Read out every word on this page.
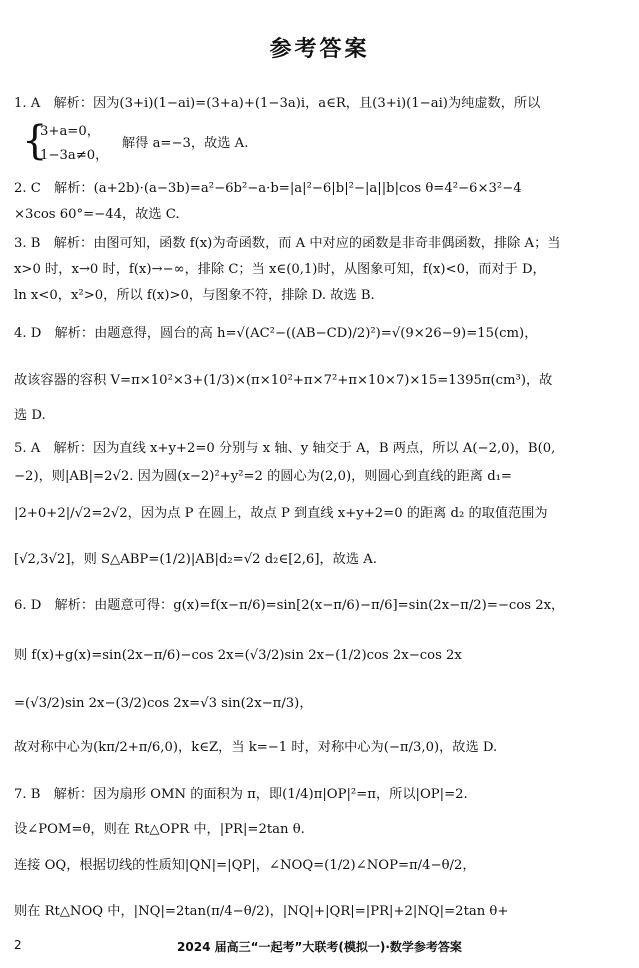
参考答案
1. A　解析：因为(3+i)(1−ai)=(3+a)+(1−3a)i，a∈R，且(3+i)(1−ai)为纯虚数，所以
{
3+a=0，
1−3a≠0，
解得 a=−3，故选 A.
2. C　解析：(a+2b)·(a−3b)=a²−6b²−a·b=|a|²−6|b|²−|a||b|cos θ=4²−6×3²−4
×3cos 60°=−44，故选 C.
3. B　解析：由图可知，函数 f(x)为奇函数，而 A 中对应的函数是非奇非偶函数，排除 A；当
x>0 时，x→0 时，f(x)→−∞，排除 C；当 x∈(0,1)时，从图象可知，f(x)<0，而对于 D，
ln x<0，x²>0，所以 f(x)>0，与图象不符，排除 D. 故选 B.
4. D　解析：由题意得，圆台的高 h=√(AC²−((AB−CD)/2)²)=√(9×26−9)=15(cm)，
故该容器的容积 V=π×10²×3+(1/3)×(π×10²+π×7²+π×10×7)×15=1395π(cm³)，故
选 D.
5. A　解析：因为直线 x+y+2=0 分别与 x 轴、y 轴交于 A，B 两点，所以 A(−2,0)，B(0,
−2)，则|AB|=2√2. 因为圆(x−2)²+y²=2 的圆心为(2,0)，则圆心到直线的距离 d₁=
|2+0+2|/√2=2√2，因为点 P 在圆上，故点 P 到直线 x+y+2=0 的距离 d₂ 的取值范围为
[√2,3√2]，则 S△ABP=(1/2)|AB|d₂=√2 d₂∈[2,6]，故选 A.
6. D　解析：由题意可得：g(x)=f(x−π/6)=sin[2(x−π/6)−π/6]=sin(2x−π/2)=−cos 2x，
则 f(x)+g(x)=sin(2x−π/6)−cos 2x=(√3/2)sin 2x−(1/2)cos 2x−cos 2x
=(√3/2)sin 2x−(3/2)cos 2x=√3 sin(2x−π/3)，
故对称中心为(kπ/2+π/6,0)，k∈Z，当 k=−1 时，对称中心为(−π/3,0)，故选 D.
7. B　解析：因为扇形 OMN 的面积为 π，即(1/4)π|OP|²=π，所以|OP|=2.
设∠POM=θ，则在 Rt△OPR 中，|PR|=2tan θ.
连接 OQ，根据切线的性质知|QN|=|QP|，∠NOQ=(1/2)∠NOP=π/4−θ/2，
则在 Rt△NOQ 中，|NQ|=2tan(π/4−θ/2)，|NQ|+|QR|=|PR|+2|NQ|=2tan θ+
2	2024 届高三“一起考”大联考(模拟一)·数学参考答案
